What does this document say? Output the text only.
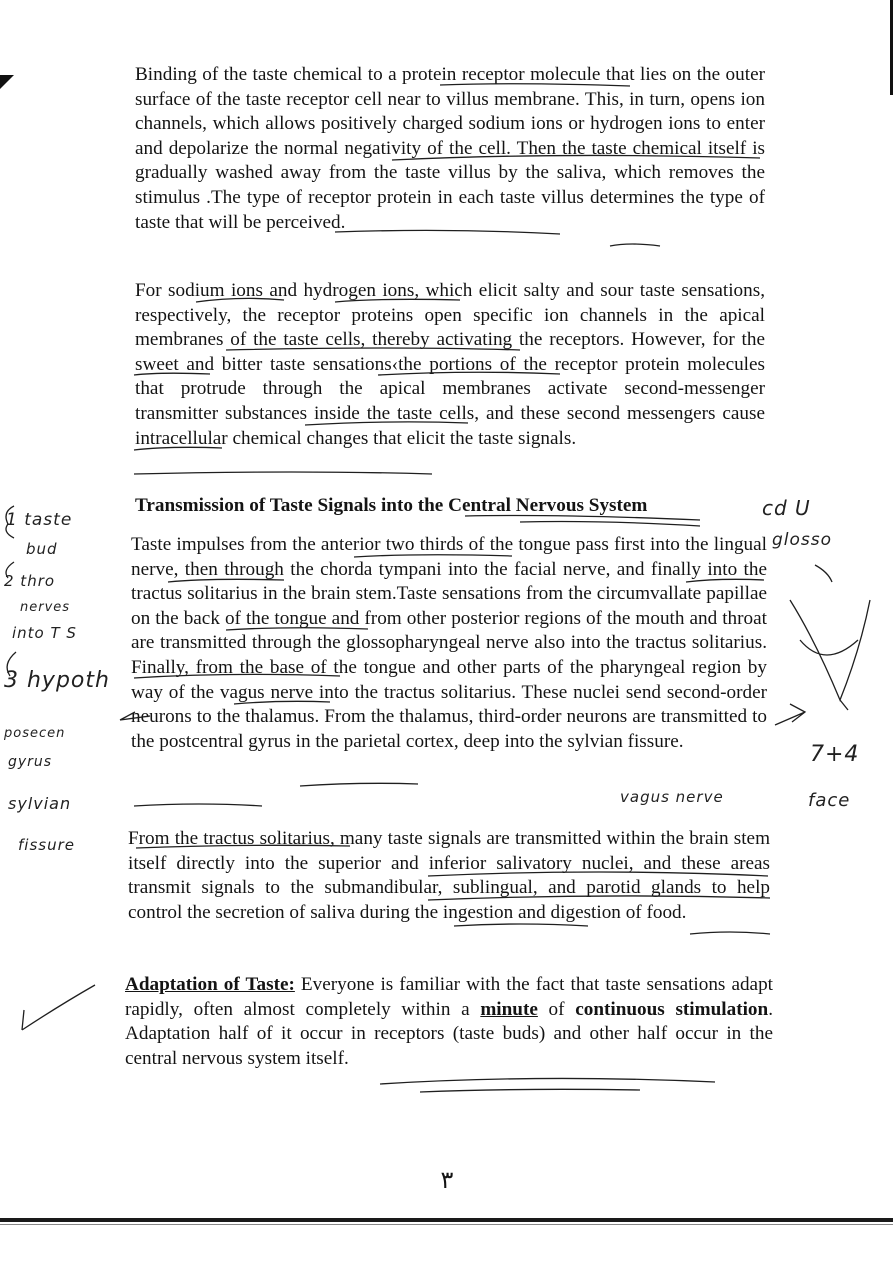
Binding of the taste chemical to a protein receptor molecule that lies on the outer surface of the taste receptor cell near to villus membrane. This, in turn, opens ion channels, which allows positively charged sodium ions or hydrogen ions to enter and depolarize the normal negativity of the cell. Then the taste chemical itself is gradually washed away from the taste villus by the saliva, which removes the stimulus .The type of receptor protein in each taste villus determines the type of taste that will be perceived.

For sodium ions and hydrogen ions, which elicit salty and sour taste sensations, respectively, the receptor proteins open specific ion channels in the apical membranes of the taste cells, thereby activating the receptors. However, for the sweet and bitter taste sensations‹the portions of the receptor protein molecules that protrude through the apical membranes activate second-messenger transmitter substances inside the taste cells, and these second messengers cause intracellular chemical changes that elicit the taste signals.

Transmission of Taste Signals into the Central Nervous System

Taste impulses from the anterior two thirds of the tongue pass first into the lingual nerve, then through the chorda tympani into the facial nerve, and finally into the tractus solitarius in the brain stem.Taste sensations from the circumvallate papillae on the back of the tongue and from other posterior regions of the mouth and throat are transmitted through the glossopharyngeal nerve also into the tractus solitarius. Finally, from the base of the tongue and other parts of the pharyngeal region by way of the vagus nerve into the tractus solitarius. These nuclei send second-order neurons to the thalamus. From the thalamus, third-order neurons are transmitted to the postcentral gyrus in the parietal cortex, deep into the sylvian fissure.

From the tractus solitarius, many taste signals are transmitted within the brain stem itself directly into the superior and inferior salivatory nuclei, and these areas transmit signals to the submandibular, sublingual, and parotid glands to help control the secretion of saliva during the ingestion and digestion of food.

Adaptation of Taste: Everyone is familiar with the fact that taste sensations adapt rapidly, often almost completely within a minute of continuous stimulation. Adaptation half of it occur in receptors (taste buds) and other half occur in the central nervous system itself.

٣
1 taste
bud
2 thro
nerves
into T S
3 hypoth
posecen
gyrus
sylvian
fissure
glosso
cd U
vagus nerve
7+4
face
